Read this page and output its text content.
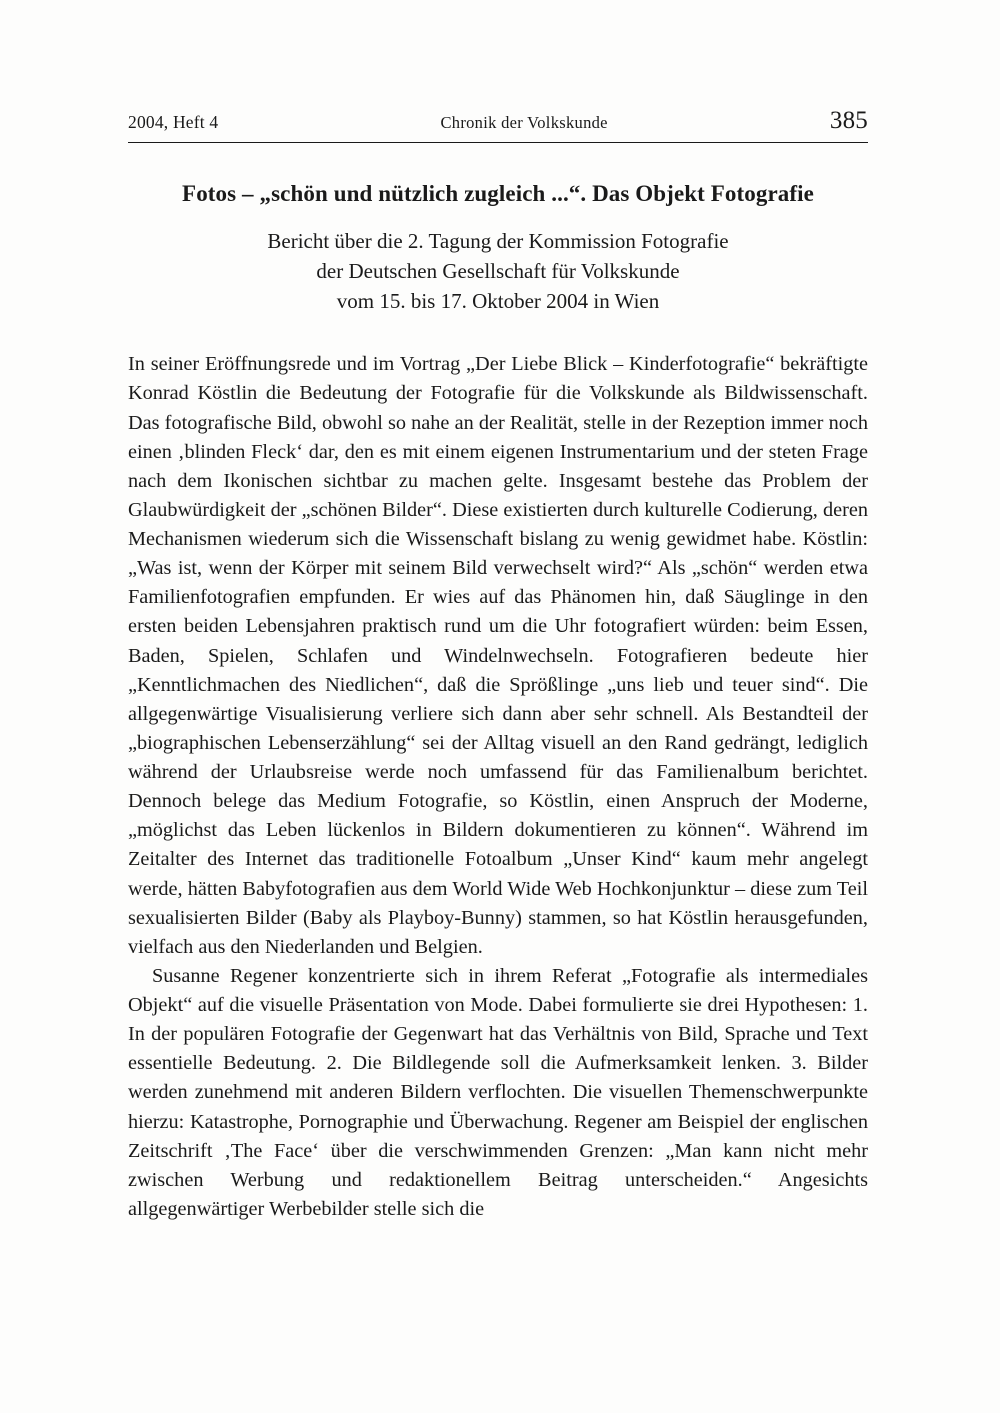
2004, Heft 4	Chronik der Volkskunde	385
Fotos – „schön und nützlich zugleich ...“. Das Objekt Fotografie
Bericht über die 2. Tagung der Kommission Fotografie
der Deutschen Gesellschaft für Volkskunde
vom 15. bis 17. Oktober 2004 in Wien

In seiner Eröffnungsrede und im Vortrag „Der Liebe Blick – Kinderfotografie“ bekräftigte Konrad Köstlin die Bedeutung der Fotografie für die Volkskunde als Bildwissenschaft. Das fotografische Bild, obwohl so nahe an der Realität, stelle in der Rezeption immer noch einen ‚blinden Fleck‘ dar, den es mit einem eigenen Instrumentarium und der steten Frage nach dem Ikonischen sichtbar zu machen gelte. Insgesamt bestehe das Problem der Glaubwürdigkeit der „schönen Bilder“. Diese existierten durch kulturelle Codierung, deren Mechanismen wiederum sich die Wissenschaft bislang zu wenig gewidmet habe. Köstlin: „Was ist, wenn der Körper mit seinem Bild verwechselt wird?“ Als „schön“ werden etwa Familienfotografien empfunden. Er wies auf das Phänomen hin, daß Säuglinge in den ersten beiden Lebensjahren praktisch rund um die Uhr fotografiert würden: beim Essen, Baden, Spielen, Schlafen und Windelnwechseln. Fotografieren bedeute hier „Kenntlichmachen des Niedlichen“, daß die Sprößlinge „uns lieb und teuer sind“. Die allgegenwärtige Visualisierung verliere sich dann aber sehr schnell. Als Bestandteil der „biographischen Lebenserzählung“ sei der Alltag visuell an den Rand gedrängt, lediglich während der Urlaubsreise werde noch umfassend für das Familienalbum berichtet. Dennoch belege das Medium Fotografie, so Köstlin, einen Anspruch der Moderne, „möglichst das Leben lückenlos in Bildern dokumentieren zu können“. Während im Zeitalter des Internet das traditionelle Fotoalbum „Unser Kind“ kaum mehr angelegt werde, hätten Babyfotografien aus dem World Wide Web Hochkonjunktur – diese zum Teil sexualisierten Bilder (Baby als Playboy-Bunny) stammen, so hat Köstlin herausgefunden, vielfach aus den Niederlanden und Belgien.

Susanne Regener konzentrierte sich in ihrem Referat „Fotografie als intermediales Objekt“ auf die visuelle Präsentation von Mode. Dabei formulierte sie drei Hypothesen: 1. In der populären Fotografie der Gegenwart hat das Verhältnis von Bild, Sprache und Text essentielle Bedeutung. 2. Die Bildlegende soll die Aufmerksamkeit lenken. 3. Bilder werden zunehmend mit anderen Bildern verflochten. Die visuellen Themenschwerpunkte hierzu: Katastrophe, Pornographie und Überwachung. Regener am Beispiel der englischen Zeitschrift ‚The Face‘ über die verschwimmenden Grenzen: „Man kann nicht mehr zwischen Werbung und redaktionellem Beitrag unterscheiden.“ Angesichts allgegenwärtiger Werbebilder stelle sich die
